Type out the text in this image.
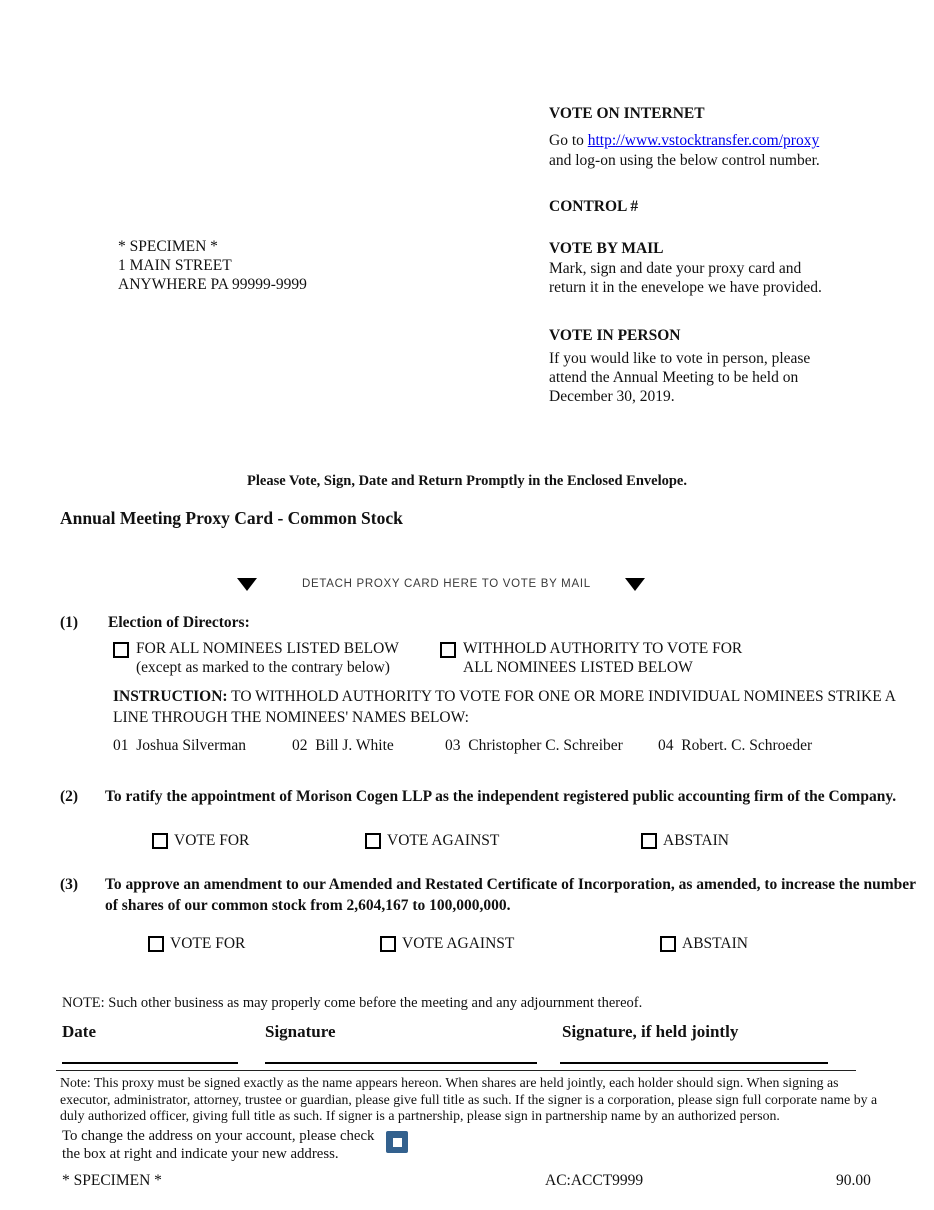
VOTE ON INTERNET
Go to http://www.vstocktransfer.com/proxy
and log-on using the below control number.
CONTROL #
VOTE BY MAIL
Mark, sign and date your proxy card and
return it in the enevelope we have provided.
VOTE IN PERSON
If you would like to vote in person, please
attend the Annual Meeting to be held on
December 30, 2019.
* SPECIMEN *
1 MAIN STREET
ANYWHERE PA 99999-9999
Please Vote, Sign, Date and Return Promptly in the Enclosed Envelope.
Annual Meeting Proxy Card - Common Stock
DETACH PROXY CARD HERE TO VOTE BY MAIL
(1) Election of Directors:
FOR ALL NOMINEES LISTED BELOW
(except as marked to the contrary below)
WITHHOLD AUTHORITY TO VOTE FOR
ALL NOMINEES LISTED BELOW
INSTRUCTION: TO WITHHOLD AUTHORITY TO VOTE FOR ONE OR MORE INDIVIDUAL NOMINEES STRIKE A LINE THROUGH THE NOMINEES' NAMES BELOW:
01 Joshua Silverman	02 Bill J. White	03 Christopher C. Schreiber 04 Robert. C. Schroeder
(2) To ratify the appointment of Morison Cogen LLP as the independent registered public accounting firm of the Company.
VOTE FOR	VOTE AGAINST	ABSTAIN
(3) To approve an amendment to our Amended and Restated Certificate of Incorporation, as amended, to increase the number
of shares of our common stock from 2,604,167 to 100,000,000.
VOTE FOR	VOTE AGAINST	ABSTAIN
NOTE: Such other business as may properly come before the meeting and any adjournment thereof.
Date	Signature	Signature, if held jointly
Note: This proxy must be signed exactly as the name appears hereon. When shares are held jointly, each holder should sign. When signing as executor, administrator, attorney, trustee or guardian, please give full title as such. If the signer is a corporation, please sign full corporate name by a duly authorized officer, giving full title as such. If signer is a partnership, please sign in partnership name by an authorized person.
To change the address on your account, please check
the box at right and indicate your new address.
* SPECIMEN *	AC:ACCT9999	90.00
